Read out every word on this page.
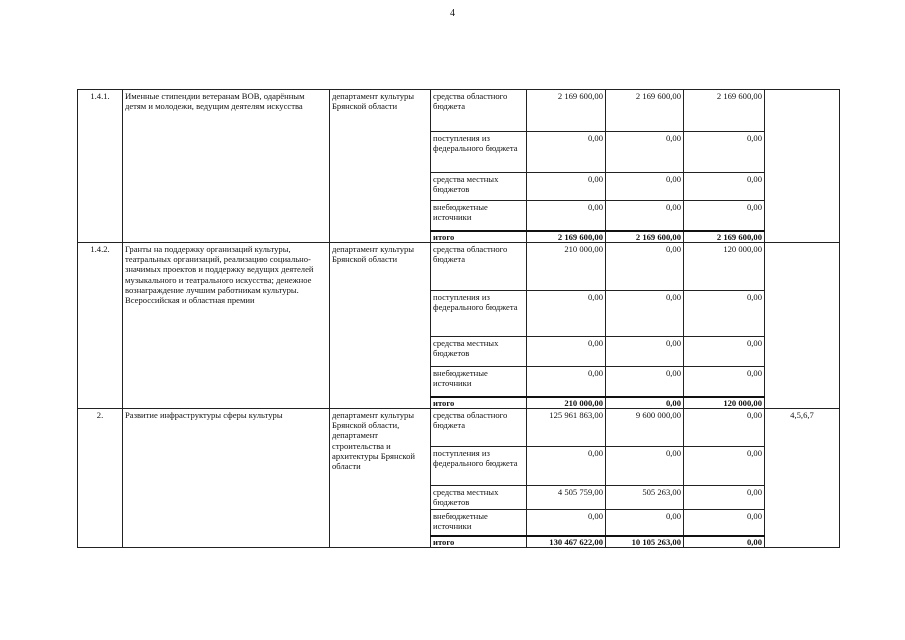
4
1.4.1.	Именные стипендии ветеранам ВОВ, одарённым детям и молодежи, ведущим деятелям искусства	департамент культуры Брянской области	средства областного бюджета	2 169 600,00	2 169 600,00	2 169 600,00	
			поступления из федерального бюджета	0,00	0,00	0,00	
			средства местных бюджетов	0,00	0,00	0,00	
			внебюджетные источники	0,00	0,00	0,00	
			итого	2 169 600,00	2 169 600,00	2 169 600,00	
1.4.2.	Гранты на поддержку организаций культуры, театральных организаций, реализацию социально-значимых проектов и поддержку ведущих деятелей музыкального и театрального искусства; денежное вознаграждение лучшим работникам культуры. Всероссийская и областная премии	департамент культуры Брянской области	средства областного бюджета	210 000,00	0,00	120 000,00	
			поступления из федерального бюджета	0,00	0,00	0,00	
			средства местных бюджетов	0,00	0,00	0,00	
			внебюджетные источники	0,00	0,00	0,00	
			итого	210 000,00	0,00	120 000,00	
2.	Развитие инфраструктуры сферы культуры	департамент культуры Брянской области, департамент строительства и архитектуры Брянской области	средства областного бюджета	125 961 863,00	9 600 000,00	0,00	4,5,6,7
			поступления из федерального бюджета	0,00	0,00	0,00	
			средства местных бюджетов	4 505 759,00	505 263,00	0,00	
			внебюджетные источники	0,00	0,00	0,00	
			итого	130 467 622,00	10 105 263,00	0,00	
